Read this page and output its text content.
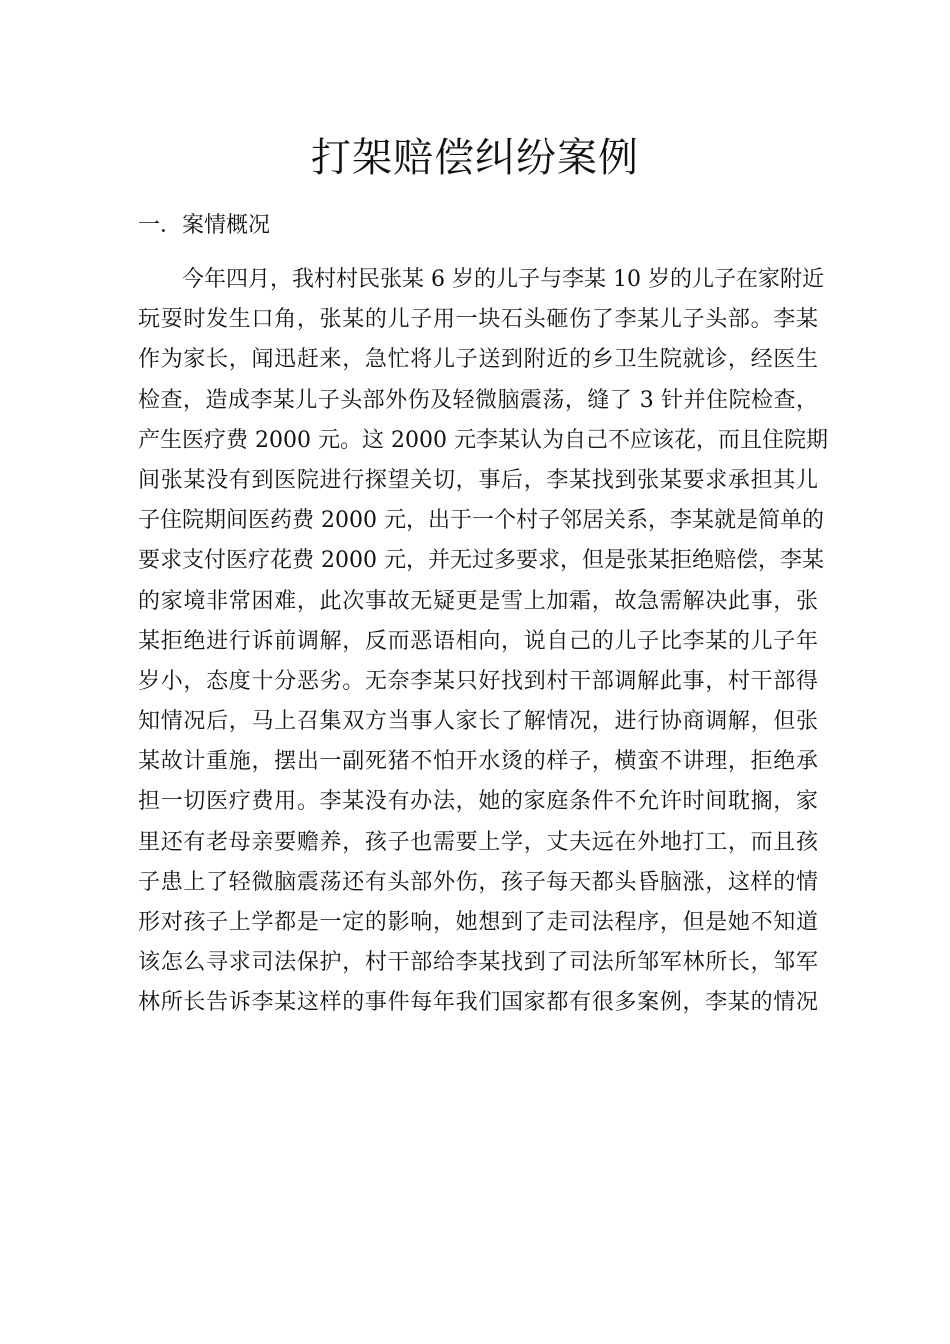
打架赔偿纠纷案例
一．案情概况
今年四月，我村村民张某 6 岁的儿子与李某 10 岁的儿子在家附近
玩耍时发生口角，张某的儿子用一块石头砸伤了李某儿子头部。李某
作为家长，闻迅赶来，急忙将儿子送到附近的乡卫生院就诊，经医生
检查，造成李某儿子头部外伤及轻微脑震荡，缝了 3 针并住院检查，
产生医疗费 2000 元。这 2000 元李某认为自己不应该花，而且住院期
间张某没有到医院进行探望关切，事后，李某找到张某要求承担其儿
子住院期间医药费 2000 元，出于一个村子邻居关系，李某就是简单的
要求支付医疗花费 2000 元，并无过多要求，但是张某拒绝赔偿，李某
的家境非常困难，此次事故无疑更是雪上加霜，故急需解决此事，张
某拒绝进行诉前调解，反而恶语相向，说自己的儿子比李某的儿子年
岁小，态度十分恶劣。无奈李某只好找到村干部调解此事，村干部得
知情况后，马上召集双方当事人家长了解情况，进行协商调解，但张
某故计重施，摆出一副死猪不怕开水烫的样子，横蛮不讲理，拒绝承
担一切医疗费用。李某没有办法，她的家庭条件不允许时间耽搁，家
里还有老母亲要赡养，孩子也需要上学，丈夫远在外地打工，而且孩
子患上了轻微脑震荡还有头部外伤，孩子每天都头昏脑涨，这样的情
形对孩子上学都是一定的影响，她想到了走司法程序，但是她不知道
该怎么寻求司法保护，村干部给李某找到了司法所邹军林所长，邹军
林所长告诉李某这样的事件每年我们国家都有很多案例，李某的情况
